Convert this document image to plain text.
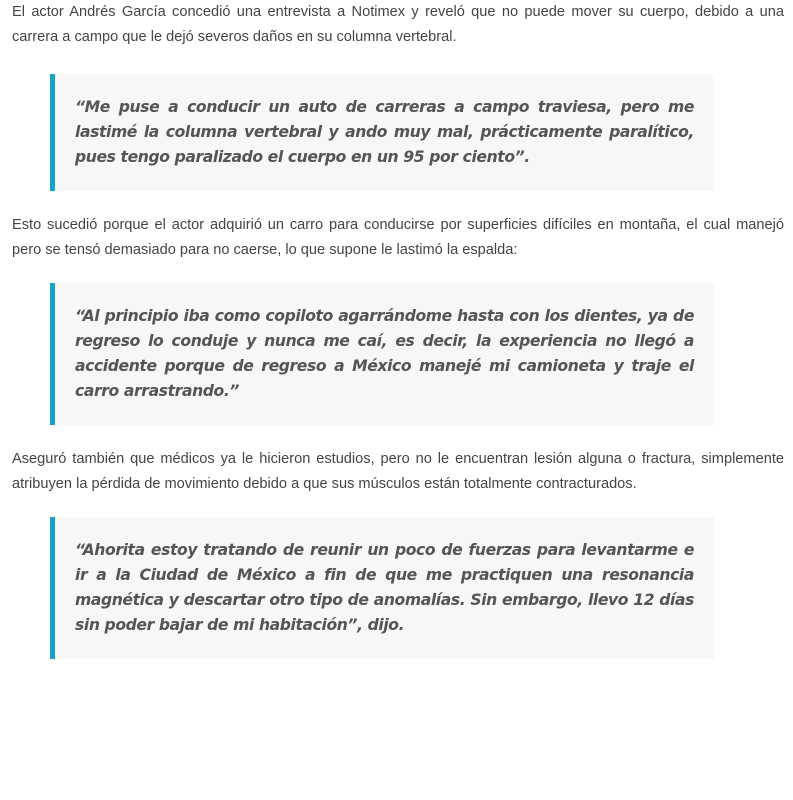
El actor Andrés García concedió una entrevista a Notimex y reveló que no puede mover su cuerpo, debido a una carrera a campo que le dejó severos daños en su columna vertebral.

“Me puse a conducir un auto de carreras a campo traviesa, pero me lastimé la columna vertebral y ando muy mal, prácticamente paralítico, pues tengo paralizado el cuerpo en un 95 por ciento”.

Esto sucedió porque el actor adquirió un carro para conducirse por superficies difíciles en montaña, el cual manejó pero se tensó demasiado para no caerse, lo que supone le lastimó la espalda:

“Al principio iba como copiloto agarrándome hasta con los dientes, ya de regreso lo conduje y nunca me caí, es decir, la experiencia no llegó a accidente porque de regreso a México manejé mi camioneta y traje el carro arrastrando.”

Aseguró también que médicos ya le hicieron estudios, pero no le encuentran lesión alguna o fractura, simplemente atribuyen la pérdida de movimiento debido a que sus músculos están totalmente contracturados.

“Ahorita estoy tratando de reunir un poco de fuerzas para levantarme e ir a la Ciudad de México a fin de que me practiquen una resonancia magnética y descartar otro tipo de anomalías. Sin embargo, llevo 12 días sin poder bajar de mi habitación”, dijo.
